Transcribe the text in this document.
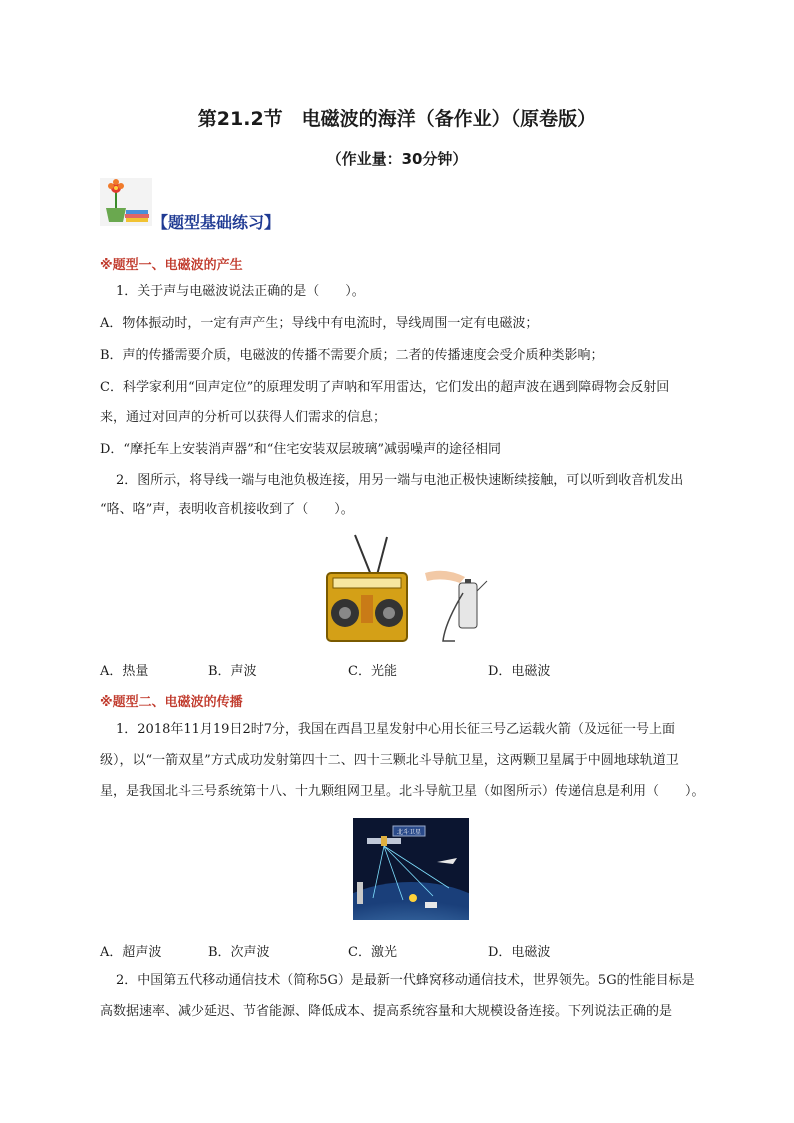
第21.2节　电磁波的海洋（备作业）（原卷版）
（作业量：30分钟）
【题型基础练习】
※题型一、电磁波的产生
1．关于声与电磁波说法正确的是（　　）。
A．物体振动时，一定有声产生；导线中有电流时，导线周围一定有电磁波；
B．声的传播需要介质，电磁波的传播不需要介质；二者的传播速度会受介质种类影响；
C．科学家利用“回声定位”的原理发明了声呐和军用雷达，它们发出的超声波在遇到障碍物会反射回
来，通过对回声的分析可以获得人们需求的信息；
D．“摩托车上安装消声器”和“住宅安装双层玻璃”减弱噪声的途径相同
2．图所示，将导线一端与电池负极连接，用另一端与电池正极快速断续接触，可以听到收音机发出
“咯、咯”声，表明收音机接收到了（　　）。
A．热量	B．声波	C．光能	D．电磁波
※题型二、电磁波的传播
1．2018年11月19日2时7分，我国在西昌卫星发射中心用长征三号乙运载火箭（及远征一号上面
级），以“一箭双星”方式成功发射第四十二、四十三颗北斗导航卫星，这两颗卫星属于中圆地球轨道卫
星，是我国北斗三号系统第十八、十九颗组网卫星。北斗导航卫星（如图所示）传递信息是利用（　　）。
北斗卫星
A．超声波	B．次声波	C．激光	D．电磁波
2．中国第五代移动通信技术（简称5G）是最新一代蜂窝移动通信技术，世界领先。5G的性能目标是
高数据速率、减少延迟、节省能源、降低成本、提高系统容量和大规模设备连接。下列说法正确的是
